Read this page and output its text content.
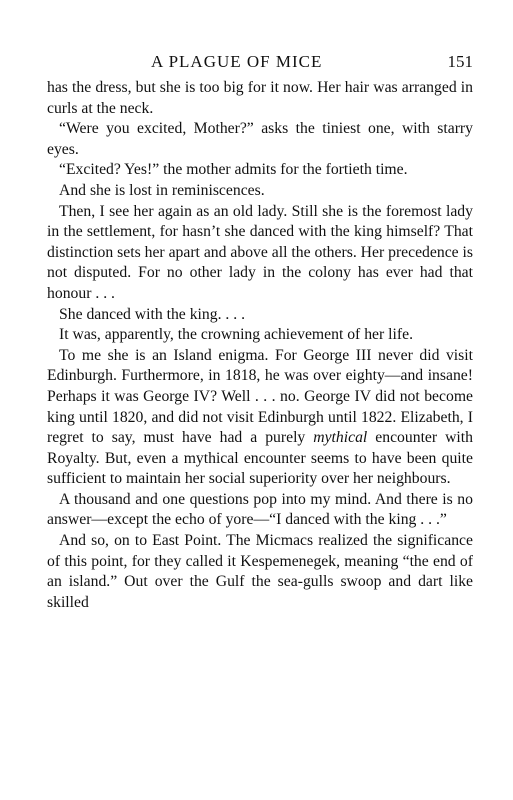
A PLAGUE OF MICE	151

has the dress, but she is too big for it now. Her hair was arranged in curls at the neck.

“Were you excited, Mother?” asks the tiniest one, with starry eyes.

“Excited? Yes!” the mother admits for the fortieth time.

And she is lost in reminiscences.

Then, I see her again as an old lady. Still she is the foremost lady in the settlement, for hasn’t she danced with the king himself? That distinction sets her apart and above all the others. Her precedence is not disputed. For no other lady in the colony has ever had that honour . . .

She danced with the king. . . .

It was, apparently, the crowning achievement of her life.

To me she is an Island enigma. For George III never did visit Edinburgh. Furthermore, in 1818, he was over eighty—and insane! Perhaps it was George IV? Well . . . no. George IV did not become king until 1820, and did not visit Edinburgh until 1822. Elizabeth, I regret to say, must have had a purely mythical encounter with Royalty. But, even a mythical encounter seems to have been quite sufficient to maintain her social superiority over her neighbours.

A thousand and one questions pop into my mind. And there is no answer—except the echo of yore—“I danced with the king . . .”

And so, on to East Point. The Micmacs realized the significance of this point, for they called it Kespemenegek, meaning “the end of an island.” Out over the Gulf the sea-gulls swoop and dart like skilled
